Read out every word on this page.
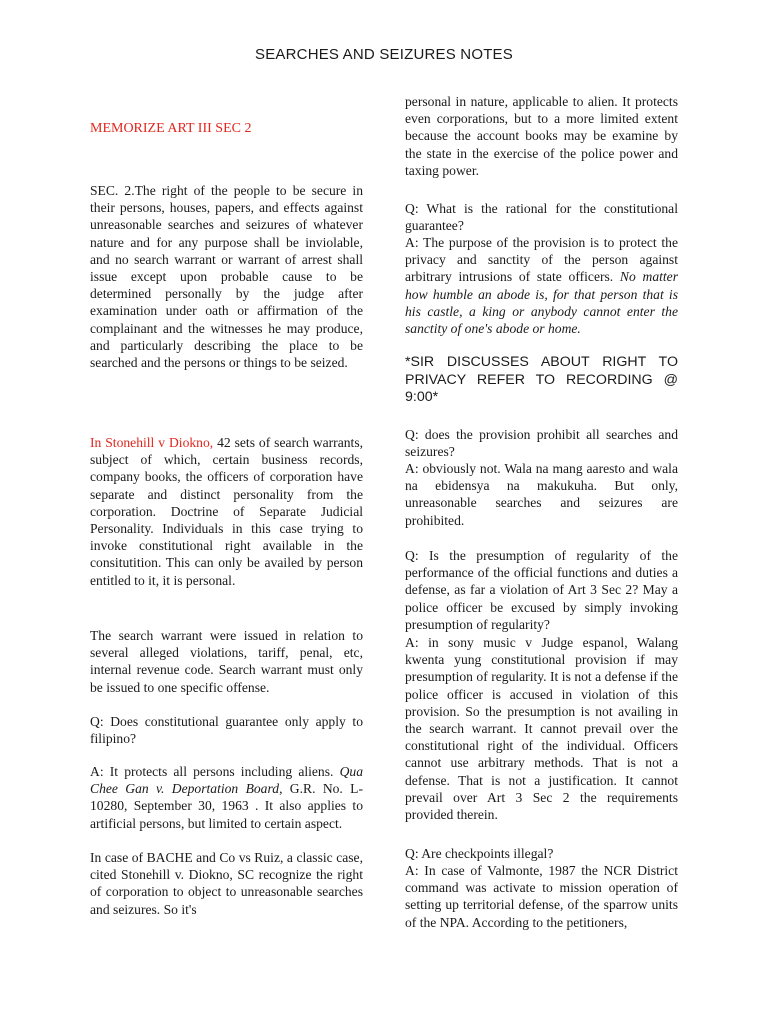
SEARCHES AND SEIZURES NOTES
MEMORIZE ART III SEC 2

SEC. 2.The right of the people to be secure in their persons, houses, papers, and effects against unreasonable searches and seizures of whatever nature and for any purpose shall be inviolable, and no search warrant or warrant of arrest shall issue except upon probable cause to be determined personally by the judge after examination under oath or affirmation of the complainant and the witnesses he may produce, and particularly describing the place to be searched and the persons or things to be seized.

In Stonehill v Diokno, 42 sets of search warrants, subject of which, certain business records, company books, the officers of corporation have separate and distinct personality from the corporation. Doctrine of Separate Judicial Personality. Individuals in this case trying to invoke constitutional right available in the consitutition. This can only be availed by person entitled to it, it is personal.

The search warrant were issued in relation to several alleged violations, tariff, penal, etc, internal revenue code. Search warrant must only be issued to one specific offense.

Q: Does constitutional guarantee only apply to filipino?

A: It protects all persons including aliens. Qua Chee Gan v. Deportation Board, G.R. No. L-10280, September 30, 1963 . It also applies to artificial persons, but limited to certain aspect.

In case of BACHE and Co vs Ruiz, a classic case, cited Stonehill v. Diokno, SC recognize the right of corporation to object to unreasonable searches and seizures. So it's

personal in nature, applicable to alien. It protects even corporations, but to a more limited extent because the account books may be examine by the state in the exercise of the police power and taxing power.

Q: What is the rational for the constitutional guarantee?

A: The purpose of the provision is to protect the privacy and sanctity of the person against arbitrary intrusions of state officers. No matter how humble an abode is, for that person that is his castle, a king or anybody cannot enter the sanctity of one's abode or home.

*SIR DISCUSSES ABOUT RIGHT TO PRIVACY REFER TO RECORDING @ 9:00*

Q: does the provision prohibit all searches and seizures?

A: obviously not. Wala na mang aaresto and wala na ebidensya na makukuha. But only, unreasonable searches and seizures are prohibited.

Q: Is the presumption of regularity of the performance of the official functions and duties a defense, as far a violation of Art 3 Sec 2? May a police officer be excused by simply invoking presumption of regularity?

A: in sony music v Judge espanol, Walang kwenta yung constitutional provision if may presumption of regularity. It is not a defense if the police officer is accused in violation of this provision. So the presumption is not availing in the search warrant. It cannot prevail over the constitutional right of the individual. Officers cannot use arbitrary methods. That is not a defense. That is not a justification. It cannot prevail over Art 3 Sec 2 the requirements provided therein.

Q: Are checkpoints illegal?

A: In case of Valmonte, 1987 the NCR District command was activate to mission operation of setting up territorial defense, of the sparrow units of the NPA. According to the petitioners,
